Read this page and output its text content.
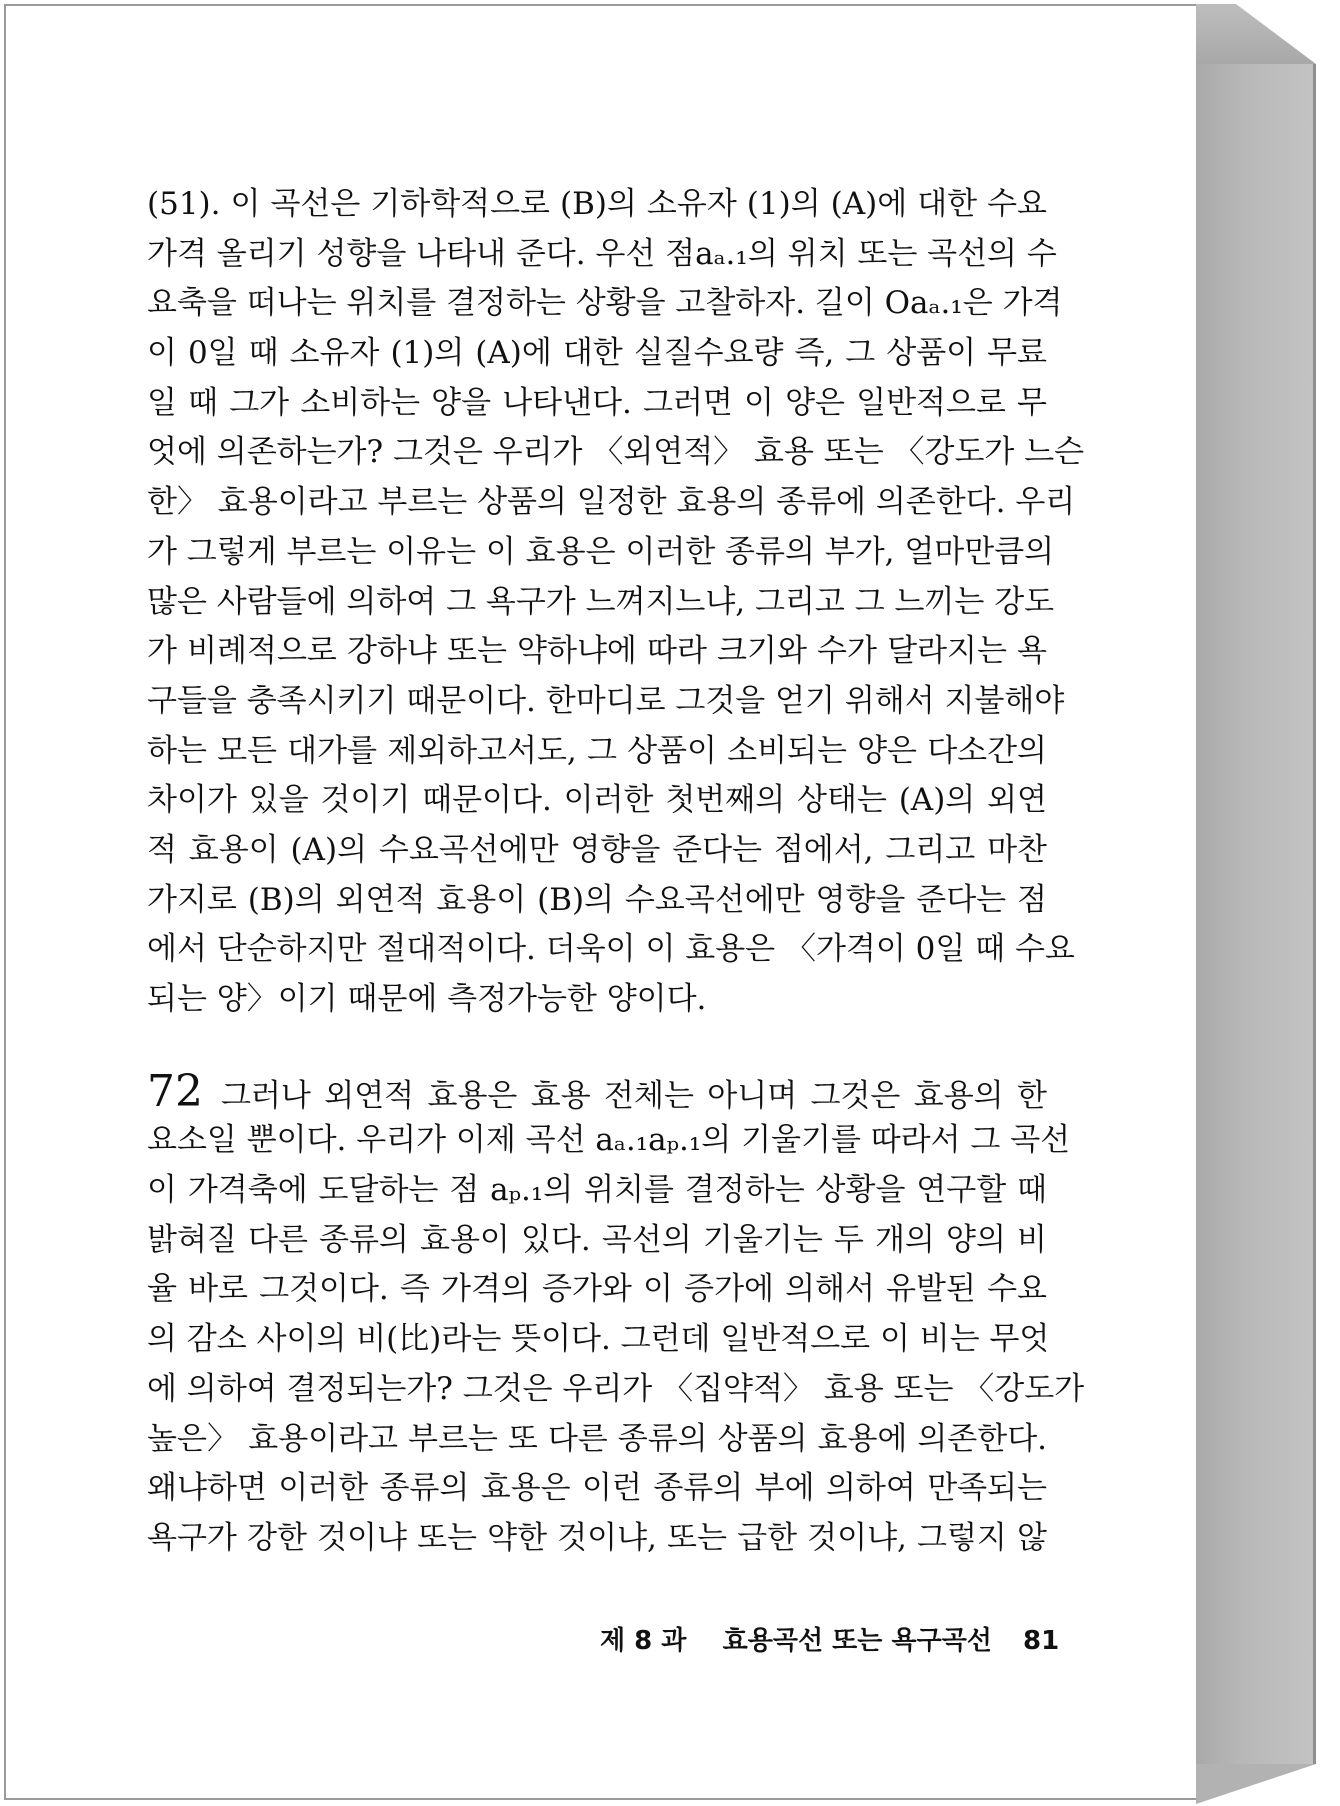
(51). 이 곡선은 기하학적으로 (B)의 소유자 (1)의 (A)에 대한 수요
가격 올리기 성향을 나타내 준다. 우선 점aₐ.₁의 위치 또는 곡선의 수
요축을 떠나는 위치를 결정하는 상황을 고찰하자. 길이 Oaₐ.₁은 가격
이 0일 때 소유자 (1)의 (A)에 대한 실질수요량 즉, 그 상품이 무료
일 때 그가 소비하는 양을 나타낸다. 그러면 이 양은 일반적으로 무
엇에 의존하는가? 그것은 우리가 〈외연적〉 효용 또는 〈강도가 느슨
한〉 효용이라고 부르는 상품의 일정한 효용의 종류에 의존한다. 우리
가 그렇게 부르는 이유는 이 효용은 이러한 종류의 부가, 얼마만큼의
많은 사람들에 의하여 그 욕구가 느껴지느냐, 그리고 그 느끼는 강도
가 비례적으로 강하냐 또는 약하냐에 따라 크기와 수가 달라지는 욕
구들을 충족시키기 때문이다. 한마디로 그것을 얻기 위해서 지불해야
하는 모든 대가를 제외하고서도, 그 상품이 소비되는 양은 다소간의
차이가 있을 것이기 때문이다. 이러한 첫번째의 상태는 (A)의 외연
적 효용이 (A)의 수요곡선에만 영향을 준다는 점에서, 그리고 마찬
가지로 (B)의 외연적 효용이 (B)의 수요곡선에만 영향을 준다는 점
에서 단순하지만 절대적이다. 더욱이 이 효용은 〈가격이 0일 때 수요
되는 양〉이기 때문에 측정가능한 양이다.
72 그러나 외연적 효용은 효용 전체는 아니며 그것은 효용의 한
요소일 뿐이다. 우리가 이제 곡선 aₐ.₁aₚ.₁의 기울기를 따라서 그 곡선
이 가격축에 도달하는 점 aₚ.₁의 위치를 결정하는 상황을 연구할 때
밝혀질 다른 종류의 효용이 있다. 곡선의 기울기는 두 개의 양의 비
율 바로 그것이다. 즉 가격의 증가와 이 증가에 의해서 유발된 수요
의 감소 사이의 비(比)라는 뜻이다. 그런데 일반적으로 이 비는 무엇
에 의하여 결정되는가? 그것은 우리가 〈집약적〉 효용 또는 〈강도가
높은〉 효용이라고 부르는 또 다른 종류의 상품의 효용에 의존한다.
왜냐하면 이러한 종류의 효용은 이런 종류의 부에 의하여 만족되는
욕구가 강한 것이냐 또는 약한 것이냐, 또는 급한 것이냐, 그렇지 않
제 8 과 효용곡선 또는 욕구곡선 81
